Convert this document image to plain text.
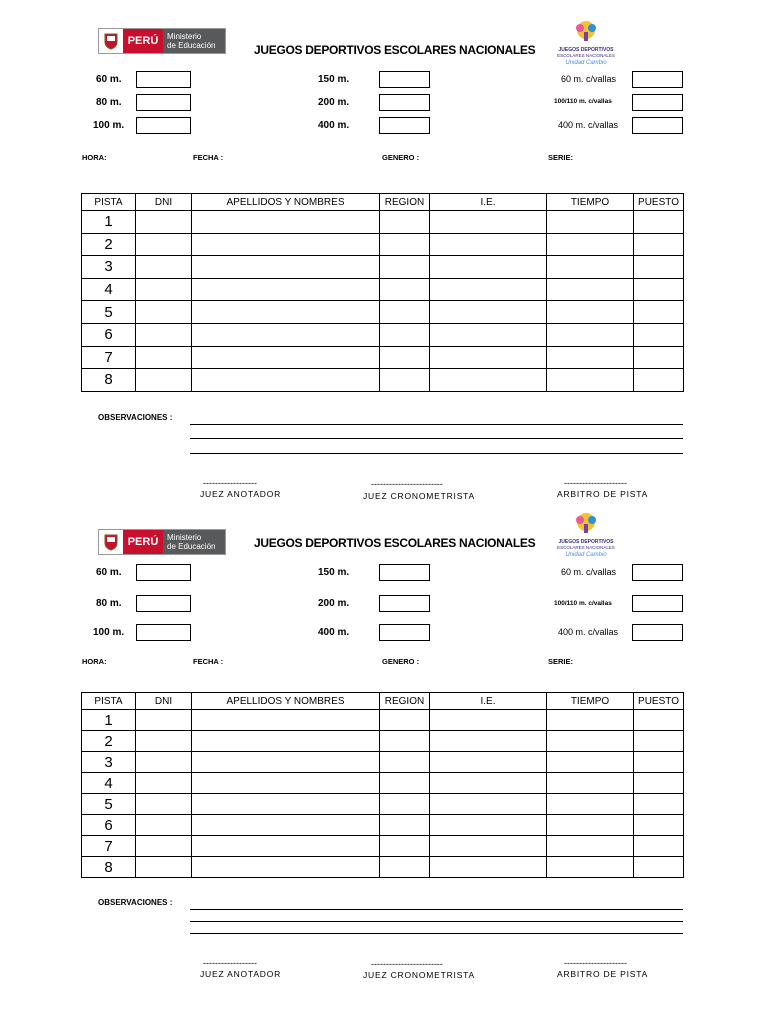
PERÚ	Ministerio
de Educación	JUEGOS DEPORTIVOS ESCOLARES NACIONALES	JUEGOS DEPORTIVOS
ESCOLARES NACIONALES
Unidad Cambio
60 m.
80 m.
100 m.
150 m.
200 m.
400 m.
60 m. c/vallas
100/110 m. c/vallas
400 m. c/vallas
HORA:	FECHA :	GENERO :	SERIE:
PISTA	DNI	APELLIDOS Y NOMBRES	REGION	I.E.	TIEMPO	PUESTO
1						
2						
3						
4						
5						
6						
7						
8						
OBSERVACIONES :
------------------
JUEZ ANOTADOR
------------------------
JUEZ CRONOMETRISTA
---------------------
ARBITRO DE PISTA
PERÚ	Ministerio
de Educación	JUEGOS DEPORTIVOS ESCOLARES NACIONALES	JUEGOS DEPORTIVOS
ESCOLARES NACIONALES
Unidad Cambio
60 m.
80 m.
100 m.
150 m.
200 m.
400 m.
60 m. c/vallas
100/110 m. c/vallas
400 m. c/vallas
HORA:	FECHA :	GENERO :	SERIE:
PISTA	DNI	APELLIDOS Y NOMBRES	REGION	I.E.	TIEMPO	PUESTO
1						
2						
3						
4						
5						
6						
7						
8						
OBSERVACIONES :
------------------
JUEZ ANOTADOR
------------------------
JUEZ CRONOMETRISTA
---------------------
ARBITRO DE PISTA
